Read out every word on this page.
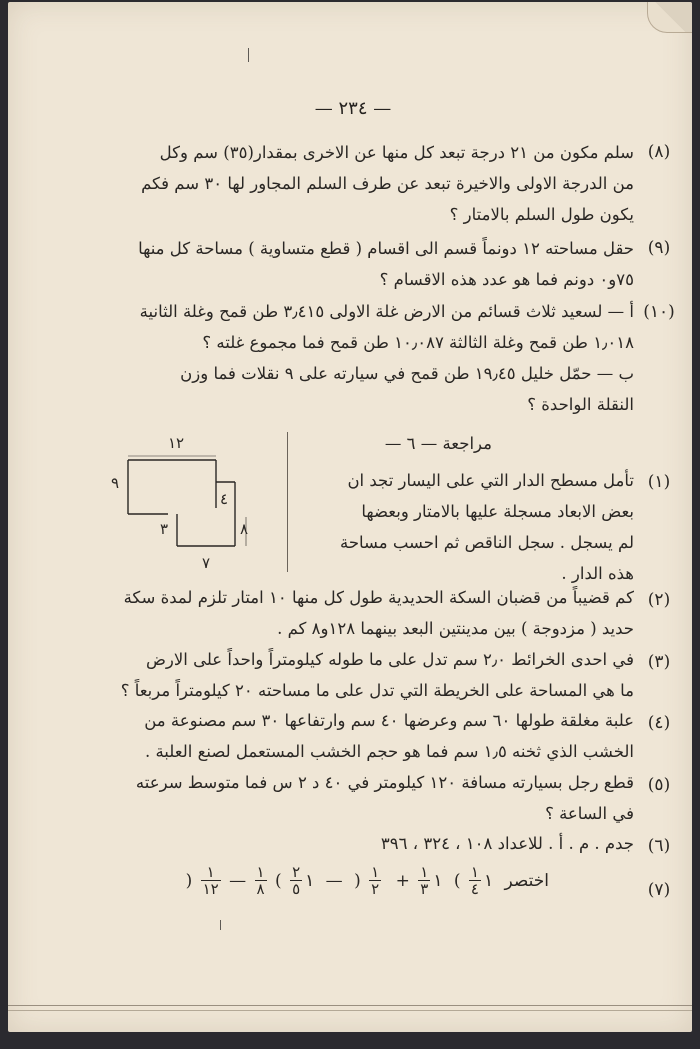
— ٢٣٤ —
(٨)
سلم مكون من ٢١ درجة تبعد كل منها عن الاخرى بمقدار(٣٥) سم وكل
من الدرجة الاولى والاخيرة تبعد عن طرف السلم المجاور لها ٣٠ سم فكم
يكون طول السلم بالامتار ؟
(٩)
حقل مساحته ١٢ دونماً قسم الى اقسام ( قطع متساوية ) مساحة كل منها
٧٥و٠ دونم فما هو عدد هذه الاقسام ؟
(١٠)
أ — لسعيد ثلاث قسائم من الارض غلة الاولى ٣٫٤١٥ طن قمح وغلة الثانية
١٫٠١٨ طن قمح وغلة الثالثة ١٠٫٠٨٧ طن قمح فما مجموع غلته ؟
ب — حمّل خليل ١٩٫٤٥ طن قمح في سيارته على ٩ نقلات فما وزن
النقلة الواحدة ؟
مراجعة — ٦ —
(١)
تأمل مسطح الدار التي على اليسار تجد ان
بعض الابعاد مسجلة عليها بالامتار وبعضها
لم يسجل . سجل الناقص ثم احسب مساحة
هذه الدار .
١٢
٩
٤
٣	٨
٧
(٢)
كم قضيباً من قضبان السكة الحديدية طول كل منها ١٠ امتار تلزم لمدة سكة
حديد ( مزدوجة ) بين مدينتين البعد بينهما ١٢٨و٨ كم .
(٣)
في احدى الخرائط ٢٫٠ سم تدل على ما طوله كيلومتراً واحداً على الارض
ما هي المساحة على الخريطة التي تدل على ما مساحته ٢٠ كيلومتراً مربعاً ؟
(٤)
علبة مغلقة طولها ٦٠ سم وعرضها ٤٠ سم وارتفاعها ٣٠ سم مصنوعة من
الخشب الذي ثخنه ١٫٥ سم فما هو حجم الخشب المستعمل لصنع العلبة .
(٥)
قطع رجل بسيارته مسافة ١٢٠ كيلومتر في ٤٠ د ٢ س فما متوسط سرعته
في الساعة ؟
(٦)
جدم . م . أ . للاعداد ١٠٨ ، ٣٢٤ ، ٣٩٦
(٧)
اختصر ١
$\frac{١}{٤}$
) ١
$\frac{١}{٣}$
+
$\frac{١}{٢}$
( — ١
$\frac{٢}{٥}$
)
$\frac{١}{٨}$
—
$\frac{١}{١٢}$
(
